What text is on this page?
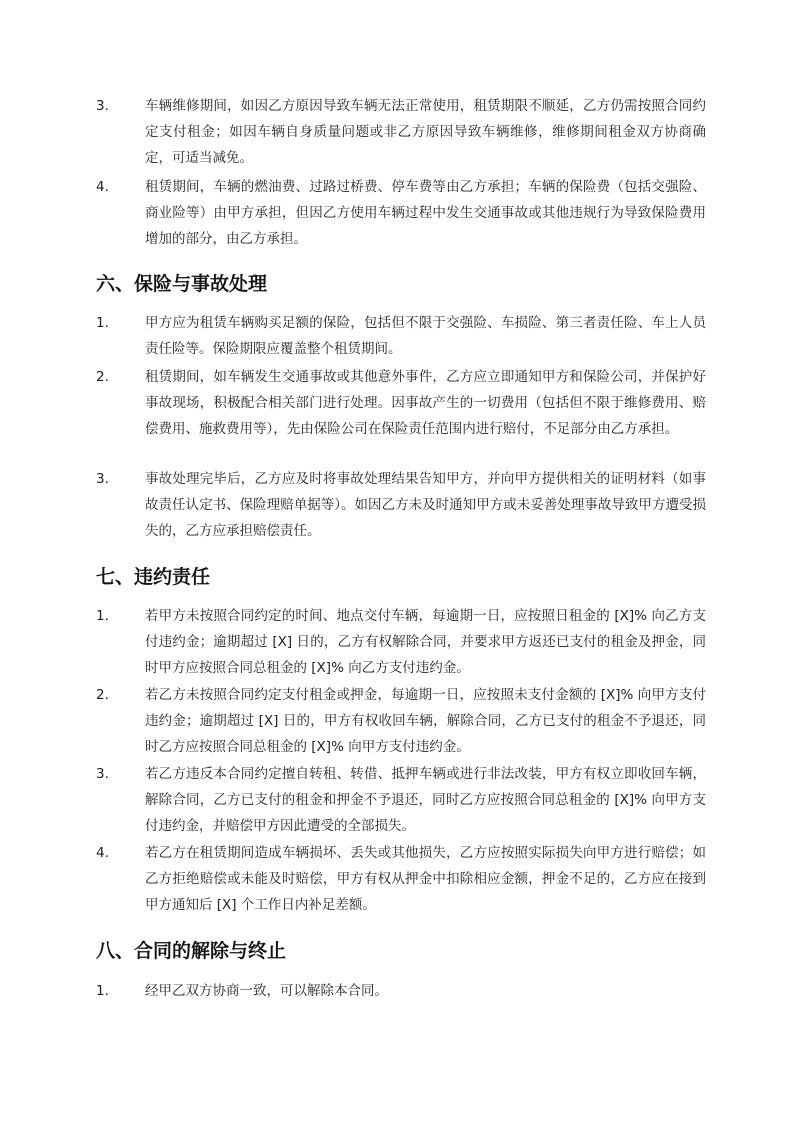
3.	车辆维修期间，如因乙方原因导致车辆无法正常使用，租赁期限不顺延，乙方仍需按照合同约定支付租金；如因车辆自身质量问题或非乙方原因导致车辆维修，维修期间租金双方协商确定，可适当减免。
4.	租赁期间，车辆的燃油费、过路过桥费、停车费等由乙方承担；车辆的保险费（包括交强险、商业险等）由甲方承担，但因乙方使用车辆过程中发生交通事故或其他违规行为导致保险费用增加的部分，由乙方承担。
六、保险与事故处理
1.	甲方应为租赁车辆购买足额的保险，包括但不限于交强险、车损险、第三者责任险、车上人员责任险等。保险期限应覆盖整个租赁期间。
2.	租赁期间，如车辆发生交通事故或其他意外事件，乙方应立即通知甲方和保险公司，并保护好事故现场，积极配合相关部门进行处理。因事故产生的一切费用（包括但不限于维修费用、赔偿费用、施救费用等），先由保险公司在保险责任范围内进行赔付，不足部分由乙方承担。
3.	事故处理完毕后，乙方应及时将事故处理结果告知甲方，并向甲方提供相关的证明材料（如事故责任认定书、保险理赔单据等）。如因乙方未及时通知甲方或未妥善处理事故导致甲方遭受损失的，乙方应承担赔偿责任。
七、违约责任
1.	若甲方未按照合同约定的时间、地点交付车辆，每逾期一日，应按照日租金的 [X]% 向乙方支付违约金；逾期超过 [X] 日的，乙方有权解除合同，并要求甲方返还已支付的租金及押金，同时甲方应按照合同总租金的 [X]% 向乙方支付违约金。
2.	若乙方未按照合同约定支付租金或押金，每逾期一日，应按照未支付金额的 [X]% 向甲方支付违约金；逾期超过 [X] 日的，甲方有权收回车辆，解除合同，乙方已支付的租金不予退还，同时乙方应按照合同总租金的 [X]% 向甲方支付违约金。
3.	若乙方违反本合同约定擅自转租、转借、抵押车辆或进行非法改装，甲方有权立即收回车辆，解除合同，乙方已支付的租金和押金不予退还，同时乙方应按照合同总租金的 [X]% 向甲方支付违约金，并赔偿甲方因此遭受的全部损失。
4.	若乙方在租赁期间造成车辆损坏、丢失或其他损失，乙方应按照实际损失向甲方进行赔偿；如乙方拒绝赔偿或未能及时赔偿，甲方有权从押金中扣除相应金额，押金不足的，乙方应在接到甲方通知后 [X] 个工作日内补足差额。
八、合同的解除与终止
1.	经甲乙双方协商一致，可以解除本合同。
